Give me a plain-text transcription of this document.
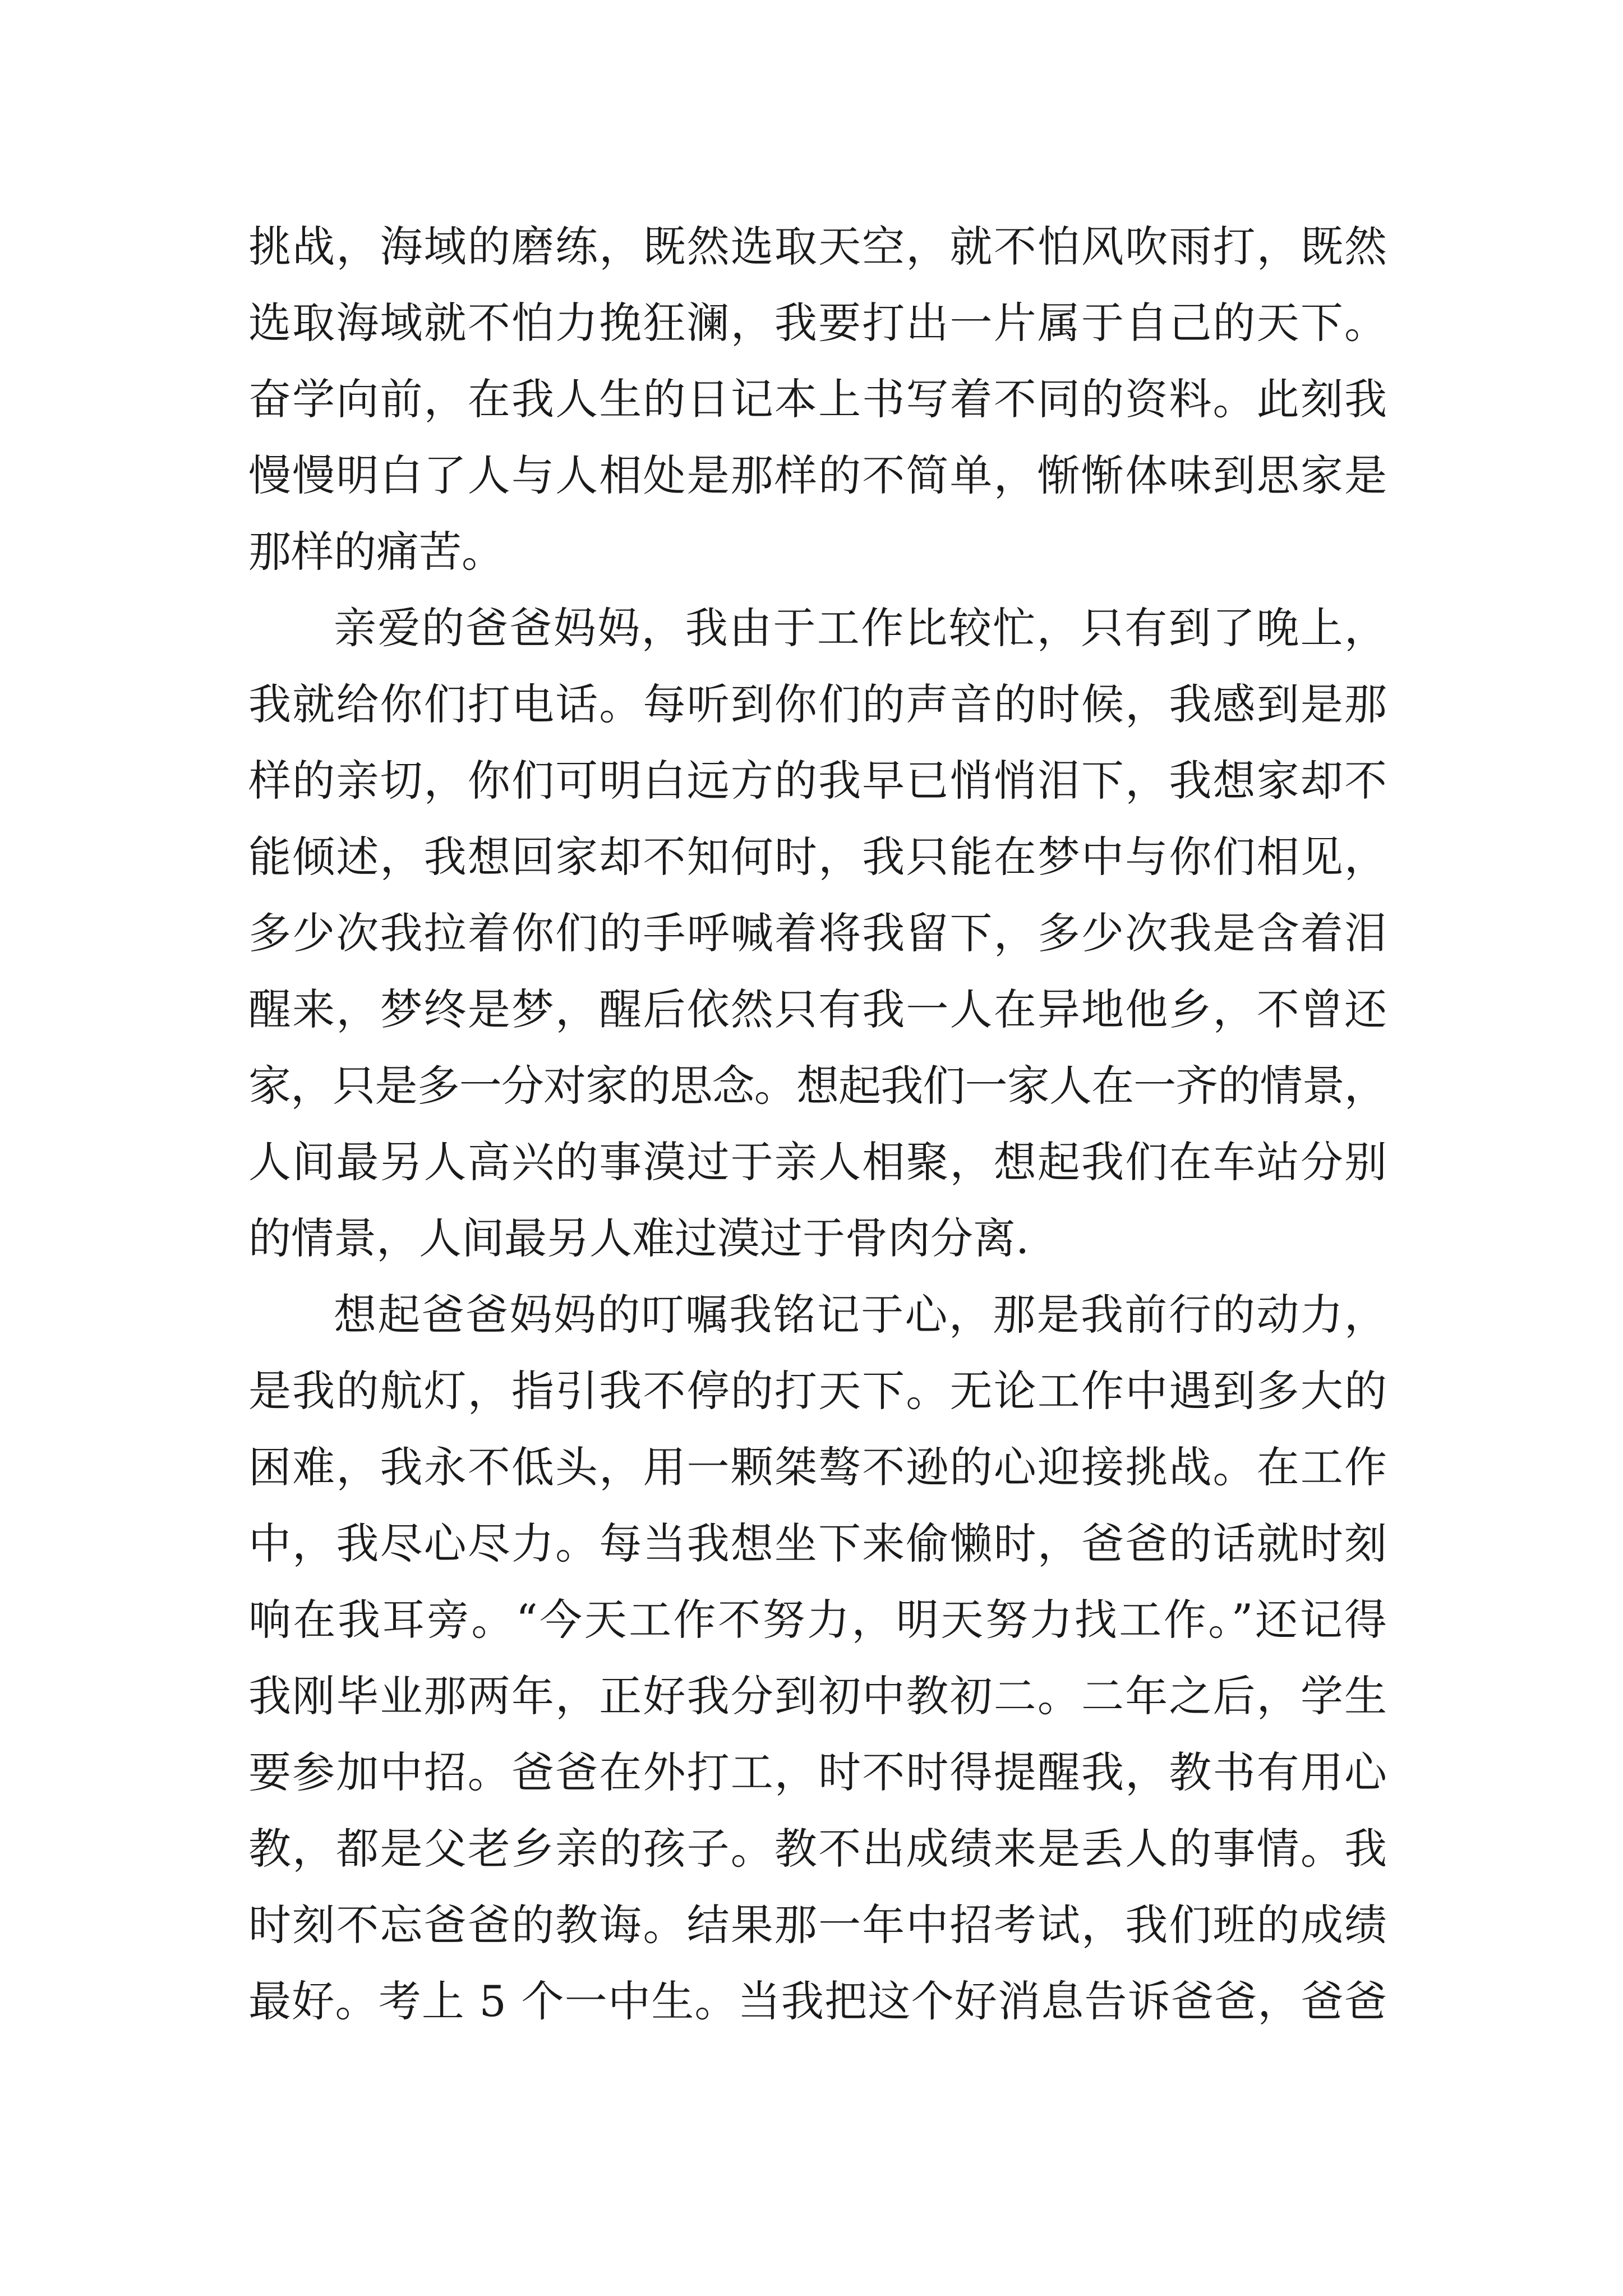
挑战，海域的磨练，既然选取天空，就不怕风吹雨打，既然
选取海域就不怕力挽狂澜，我要打出一片属于自己的天下。
奋学向前，在我人生的日记本上书写着不同的资料。此刻我
慢慢明白了人与人相处是那样的不简单，惭惭体味到思家是
那样的痛苦。
亲爱的爸爸妈妈，我由于工作比较忙，只有到了晚上，
我就给你们打电话。每听到你们的声音的时候，我感到是那
样的亲切，你们可明白远方的我早已悄悄泪下，我想家却不
能倾述，我想回家却不知何时，我只能在梦中与你们相见，
多少次我拉着你们的手呼喊着将我留下，多少次我是含着泪
醒来，梦终是梦，醒后依然只有我一人在异地他乡，不曾还
家，只是多一分对家的思念。想起我们一家人在一齐的情景，
人间最另人高兴的事漠过于亲人相聚，想起我们在车站分别
的情景，人间最另人难过漠过于骨肉分离.
想起爸爸妈妈的叮嘱我铭记于心，那是我前行的动力，
是我的航灯，指引我不停的打天下。无论工作中遇到多大的
困难，我永不低头，用一颗桀骜不逊的心迎接挑战。在工作
中，我尽心尽力。每当我想坐下来偷懒时，爸爸的话就时刻
响在我耳旁。“今天工作不努力，明天努力找工作。”还记得
我刚毕业那两年，正好我分到初中教初二。二年之后，学生
要参加中招。爸爸在外打工，时不时得提醒我，教书有用心
教，都是父老乡亲的孩子。教不出成绩来是丢人的事情。我
时刻不忘爸爸的教诲。结果那一年中招考试，我们班的成绩
最好。考上 5 个一中生。当我把这个好消息告诉爸爸，爸爸
